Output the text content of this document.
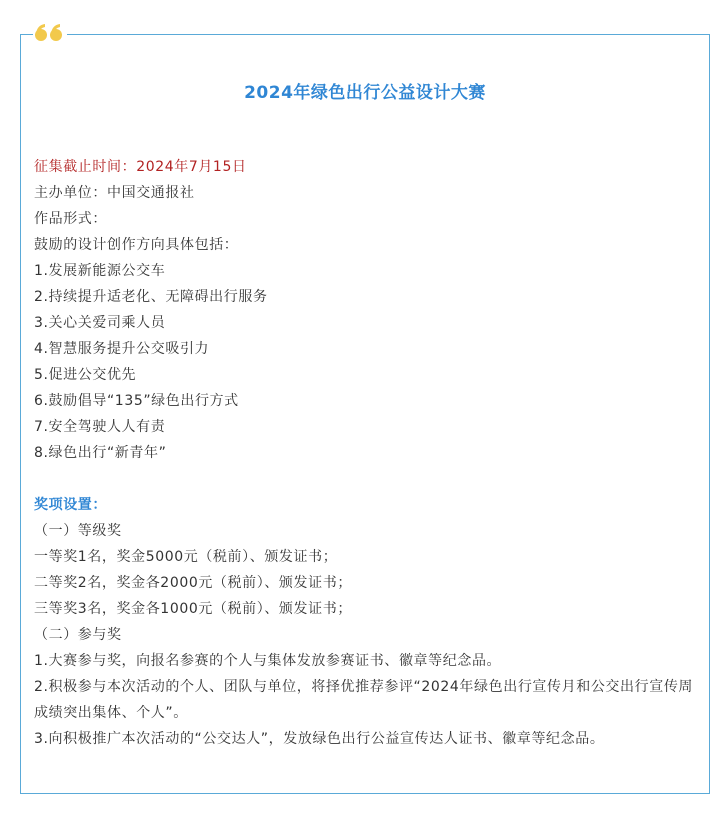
2024年绿色出行公益设计大赛
征集截止时间：2024年7月15日
主办单位：中国交通报社
作品形式：
鼓励的设计创作方向具体包括：
1.发展新能源公交车
2.持续提升适老化、无障碍出行服务
3.关心关爱司乘人员
4.智慧服务提升公交吸引力
5.促进公交优先
6.鼓励倡导“135”绿色出行方式
7.安全驾驶人人有责
8.绿色出行“新青年”
奖项设置：
（一）等级奖
一等奖1名，奖金5000元（税前）、颁发证书；
二等奖2名，奖金各2000元（税前）、颁发证书；
三等奖3名，奖金各1000元（税前）、颁发证书；
（二）参与奖
1.大赛参与奖，向报名参赛的个人与集体发放参赛证书、徽章等纪念品。
2.积极参与本次活动的个人、团队与单位，将择优推荐参评“2024年绿色出行宣传月和公交出行宣传周成绩突出集体、个人”。
3.向积极推广本次活动的“公交达人”，发放绿色出行公益宣传达人证书、徽章等纪念品。
